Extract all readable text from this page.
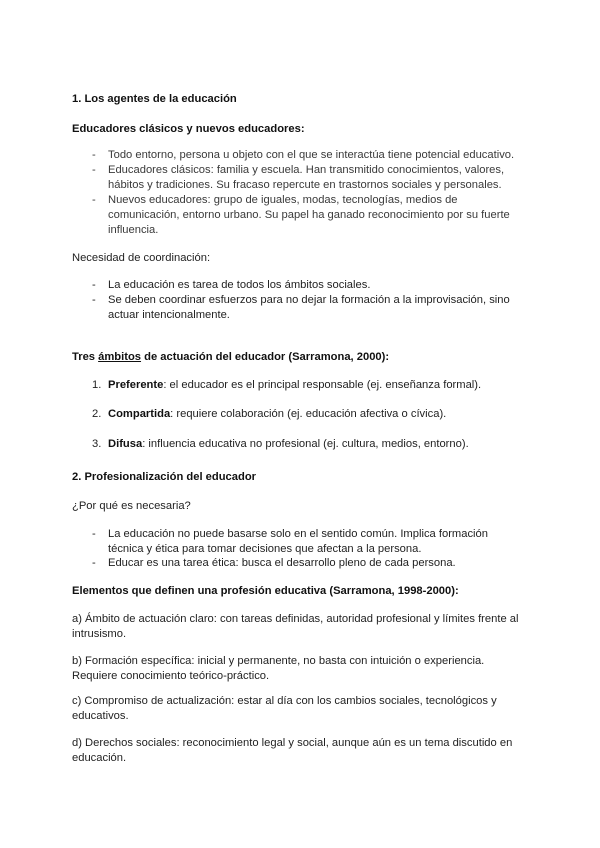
1. Los agentes de la educación

Educadores clásicos y nuevos educadores:

- Todo entorno, persona u objeto con el que se interactúa tiene potencial educativo.
- Educadores clásicos: familia y escuela. Han transmitido conocimientos, valores, hábitos y tradiciones. Su fracaso repercute en trastornos sociales y personales.
- Nuevos educadores: grupo de iguales, modas, tecnologías, medios de comunicación, entorno urbano. Su papel ha ganado reconocimiento por su fuerte influencia.

Necesidad de coordinación:

- La educación es tarea de todos los ámbitos sociales.
- Se deben coordinar esfuerzos para no dejar la formación a la improvisación, sino actuar intencionalmente.

Tres ámbitos de actuación del educador (Sarramona, 2000):

1. Preferente: el educador es el principal responsable (ej. enseñanza formal).
2. Compartida: requiere colaboración (ej. educación afectiva o cívica).
3. Difusa: influencia educativa no profesional (ej. cultura, medios, entorno).

2. Profesionalización del educador

¿Por qué es necesaria?

- La educación no puede basarse solo en el sentido común. Implica formación técnica y ética para tomar decisiones que afectan a la persona.
- Educar es una tarea ética: busca el desarrollo pleno de cada persona.

Elementos que definen una profesión educativa (Sarramona, 1998-2000):

a) Ámbito de actuación claro: con tareas definidas, autoridad profesional y límites frente al intrusismo.

b) Formación específica: inicial y permanente, no basta con intuición o experiencia. Requiere conocimiento teórico-práctico.

c) Compromiso de actualización: estar al día con los cambios sociales, tecnológicos y educativos.

d) Derechos sociales: reconocimiento legal y social, aunque aún es un tema discutido en educación.
